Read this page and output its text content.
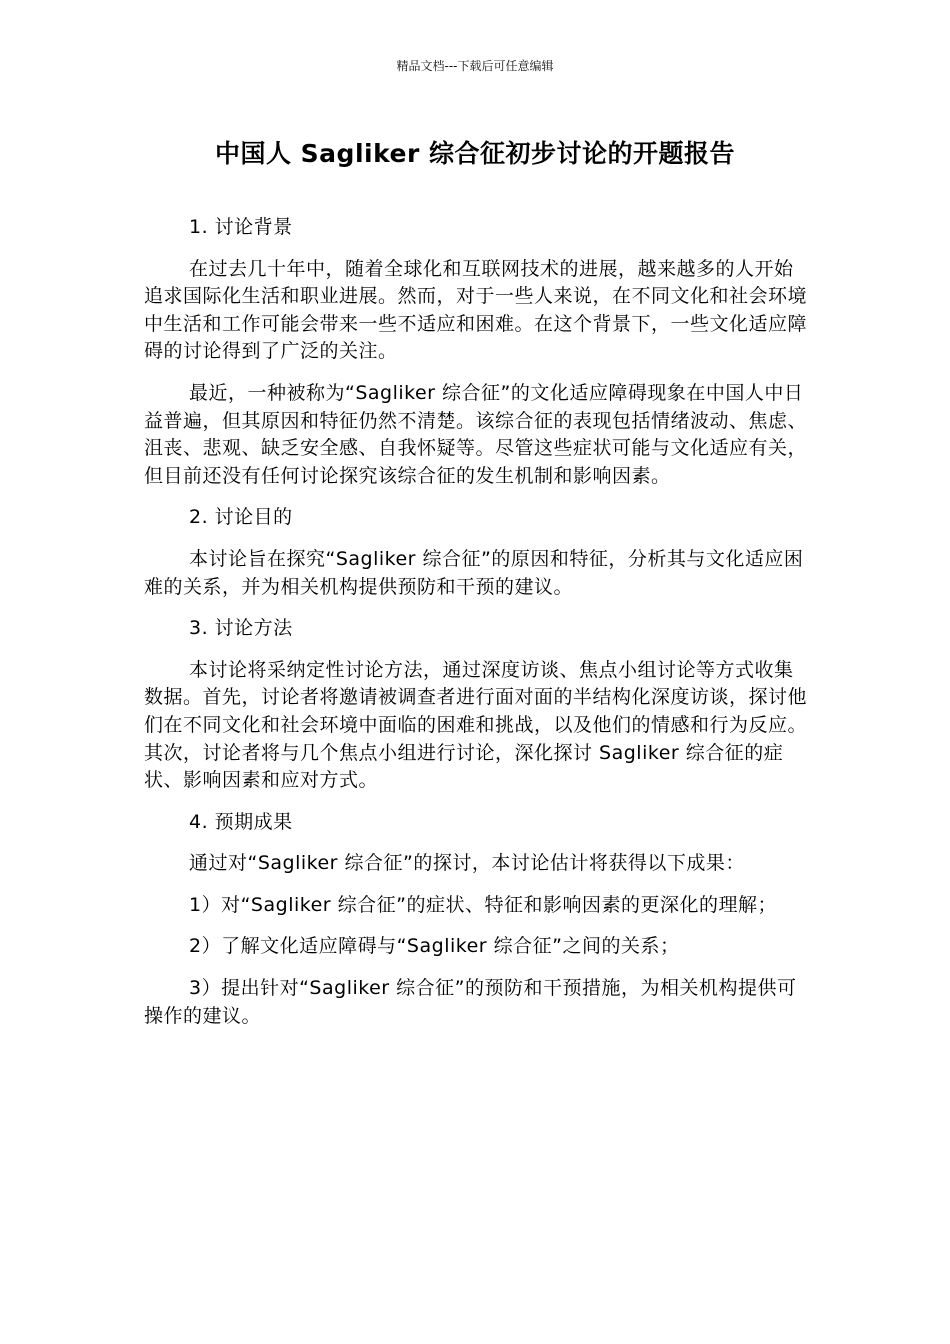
精品文档---下载后可任意编辑
中国人 Sagliker 综合征初步讨论的开题报告

1. 讨论背景

在过去几十年中，随着全球化和互联网技术的进展，越来越多的人开始追求国际化生活和职业进展。然而，对于一些人来说，在不同文化和社会环境中生活和工作可能会带来一些不适应和困难。在这个背景下，一些文化适应障碍的讨论得到了广泛的关注。

最近，一种被称为“Sagliker 综合征”的文化适应障碍现象在中国人中日益普遍，但其原因和特征仍然不清楚。该综合征的表现包括情绪波动、焦虑、沮丧、悲观、缺乏安全感、自我怀疑等。尽管这些症状可能与文化适应有关，但目前还没有任何讨论探究该综合征的发生机制和影响因素。

2. 讨论目的

本讨论旨在探究“Sagliker 综合征”的原因和特征，分析其与文化适应困难的关系，并为相关机构提供预防和干预的建议。

3. 讨论方法

本讨论将采纳定性讨论方法，通过深度访谈、焦点小组讨论等方式收集数据。首先，讨论者将邀请被调查者进行面对面的半结构化深度访谈，探讨他们在不同文化和社会环境中面临的困难和挑战，以及他们的情感和行为反应。其次，讨论者将与几个焦点小组进行讨论，深化探讨 Sagliker 综合征的症状、影响因素和应对方式。

4. 预期成果

通过对“Sagliker 综合征”的探讨，本讨论估计将获得以下成果：

1）对“Sagliker 综合征”的症状、特征和影响因素的更深化的理解；

2）了解文化适应障碍与“Sagliker 综合征”之间的关系；

3）提出针对“Sagliker 综合征”的预防和干预措施，为相关机构提供可操作的建议。
